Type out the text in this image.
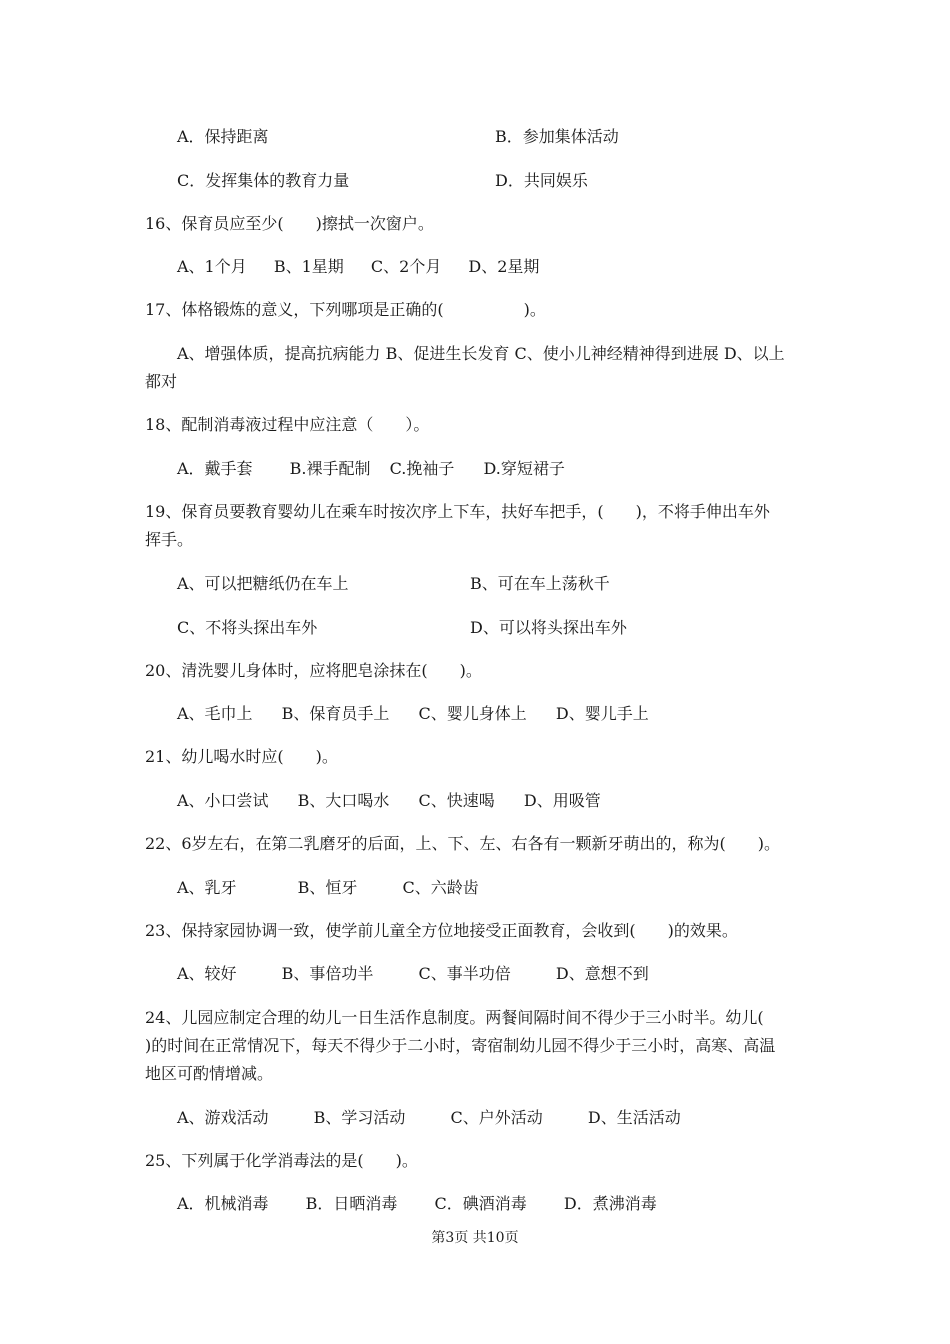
A．保持距离	B．参加集体活动
C．发挥集体的教育力量	D．共同娱乐
16、保育员应至少(　　)擦拭一次窗户。
A、1个月 B、1星期 C、2个月 D、2星期
17、体格锻炼的意义，下列哪项是正确的(　　　　　)。
A、增强体质，提高抗病能力 B、促进生长发育 C、使小儿神经精神得到进展 D、以上
都对
18、配制消毒液过程中应注意（　　）。
A．戴手套 B.裸手配制 C.挽袖子 D.穿短裙子
19、保育员要教育婴幼儿在乘车时按次序上下车，扶好车把手，(　　)，不将手伸出车外
挥手。
A、可以把糖纸仍在车上	B、可在车上荡秋千
C、不将头探出车外	D、可以将头探出车外
20、清洗婴儿身体时，应将肥皂涂抹在(　　)。
A、毛巾上 B、保育员手上 C、婴儿身体上 D、婴儿手上
21、幼儿喝水时应(　　)。
A、小口尝试 B、大口喝水 C、快速喝 D、用吸管
22、6岁左右，在第二乳磨牙的后面，上、下、左、右各有一颗新牙萌出的，称为(　　)。
A、乳牙	B、恒牙	C、六龄齿
23、保持家园协调一致，使学前儿童全方位地接受正面教育，会收到(　　)的效果。
A、较好	B、事倍功半	C、事半功倍	D、意想不到
24、儿园应制定合理的幼儿一日生活作息制度。两餐间隔时间不得少于三小时半。幼儿(
)的时间在正常情况下，每天不得少于二小时，寄宿制幼儿园不得少于三小时，高寒、高温
地区可酌情增减。
A、游戏活动	B、学习活动	C、户外活动	D、生活活动
25、下列属于化学消毒法的是(　　)。
A．机械消毒 B．日晒消毒 C．碘酒消毒 D．煮沸消毒
第3页 共10页
